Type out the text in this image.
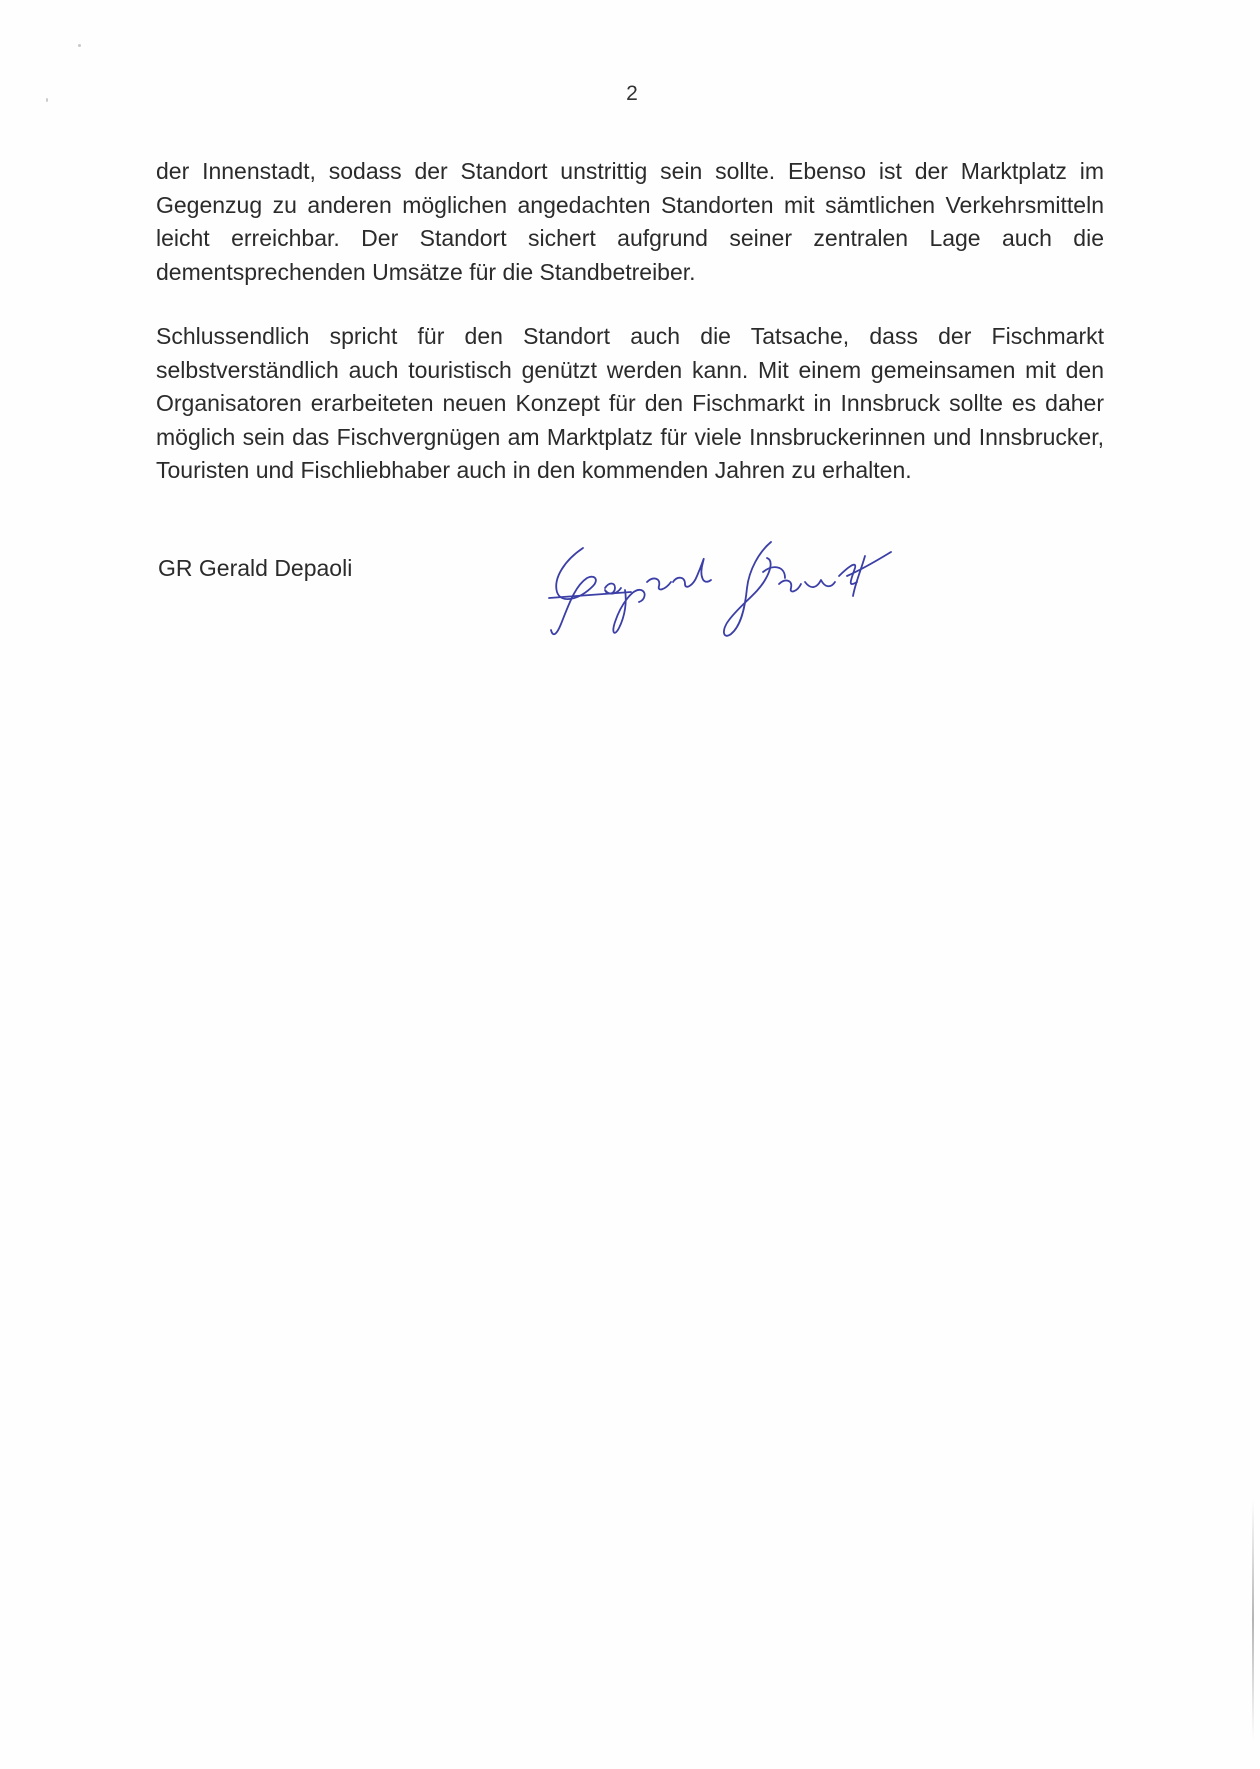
2

der Innenstadt, sodass der Standort unstrittig sein sollte. Ebenso ist der Marktplatz im Gegenzug zu anderen möglichen angedachten Standorten mit sämtlichen Verkehrsmitteln leicht erreichbar. Der Standort sichert aufgrund seiner zentralen Lage auch die dementsprechenden Umsätze für die Standbetreiber.

Schlussendlich spricht für den Standort auch die Tatsache, dass der Fischmarkt selbstverständlich auch touristisch genützt werden kann. Mit einem gemeinsamen mit den Organisatoren erarbeiteten neuen Konzept für den Fischmarkt in Innsbruck sollte es daher möglich sein das Fischvergnügen am Marktplatz für viele Innsbruckerinnen und Innsbrucker, Touristen und Fischliebhaber auch in den kommenden Jahren zu erhalten.

GR Gerald Depaoli
